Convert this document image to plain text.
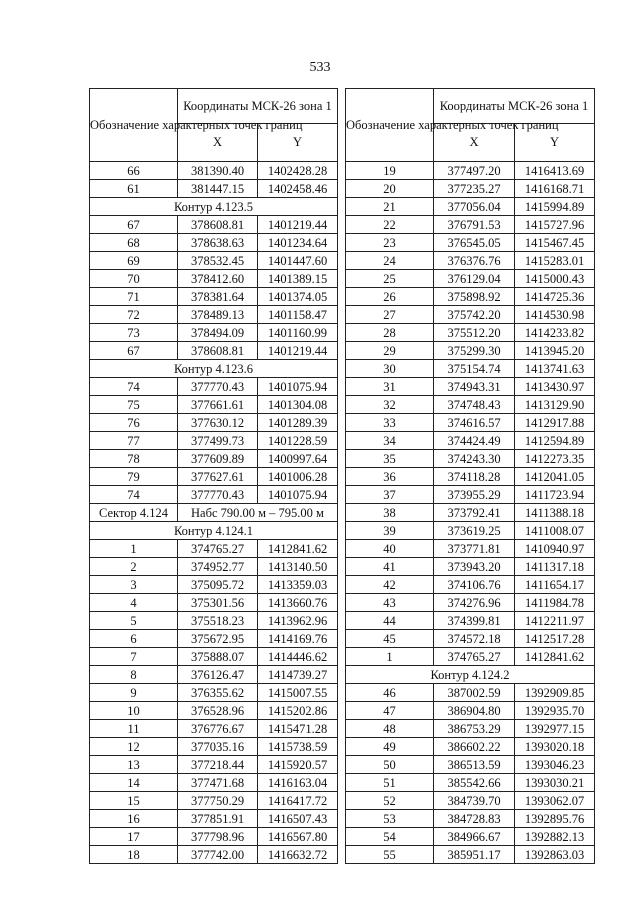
533
Обозначение характерных точек границ	Координаты МСК-26 зона 1	
	X	Y
66	381390.40	1402428.28
61	381447.15	1402458.46
Контур 4.123.5		
67	378608.81	1401219.44
68	378638.63	1401234.64
69	378532.45	1401447.60
70	378412.60	1401389.15
71	378381.64	1401374.05
72	378489.13	1401158.47
73	378494.09	1401160.99
67	378608.81	1401219.44
Контур 4.123.6		
74	377770.43	1401075.94
75	377661.61	1401304.08
76	377630.12	1401289.39
77	377499.73	1401228.59
78	377609.89	1400997.64
79	377627.61	1401006.28
74	377770.43	1401075.94
Сектор 4.124	Набс 790.00 м – 795.00 м	
Контур 4.124.1		
1	374765.27	1412841.62
2	374952.77	1413140.50
3	375095.72	1413359.03
4	375301.56	1413660.76
5	375518.23	1413962.96
6	375672.95	1414169.76
7	375888.07	1414446.62
8	376126.47	1414739.27
9	376355.62	1415007.55
10	376528.96	1415202.86
11	376776.67	1415471.28
12	377035.16	1415738.59
13	377218.44	1415920.57
14	377471.68	1416163.04
15	377750.29	1416417.72
16	377851.91	1416507.43
17	377798.96	1416567.80
18	377742.00	1416632.72
Обозначение характерных точек границ	Координаты МСК-26 зона 1	
	X	Y
19	377497.20	1416413.69
20	377235.27	1416168.71
21	377056.04	1415994.89
22	376791.53	1415727.96
23	376545.05	1415467.45
24	376376.76	1415283.01
25	376129.04	1415000.43
26	375898.92	1414725.36
27	375742.20	1414530.98
28	375512.20	1414233.82
29	375299.30	1413945.20
30	375154.74	1413741.63
31	374943.31	1413430.97
32	374748.43	1413129.90
33	374616.57	1412917.88
34	374424.49	1412594.89
35	374243.30	1412273.35
36	374118.28	1412041.05
37	373955.29	1411723.94
38	373792.41	1411388.18
39	373619.25	1411008.07
40	373771.81	1410940.97
41	373943.20	1411317.18
42	374106.76	1411654.17
43	374276.96	1411984.78
44	374399.81	1412211.97
45	374572.18	1412517.28
1	374765.27	1412841.62
Контур 4.124.2		
46	387002.59	1392909.85
47	386904.80	1392935.70
48	386753.29	1392977.15
49	386602.22	1393020.18
50	386513.59	1393046.23
51	385542.66	1393030.21
52	384739.70	1393062.07
53	384728.83	1392895.76
54	384966.67	1392882.13
55	385951.17	1392863.03
